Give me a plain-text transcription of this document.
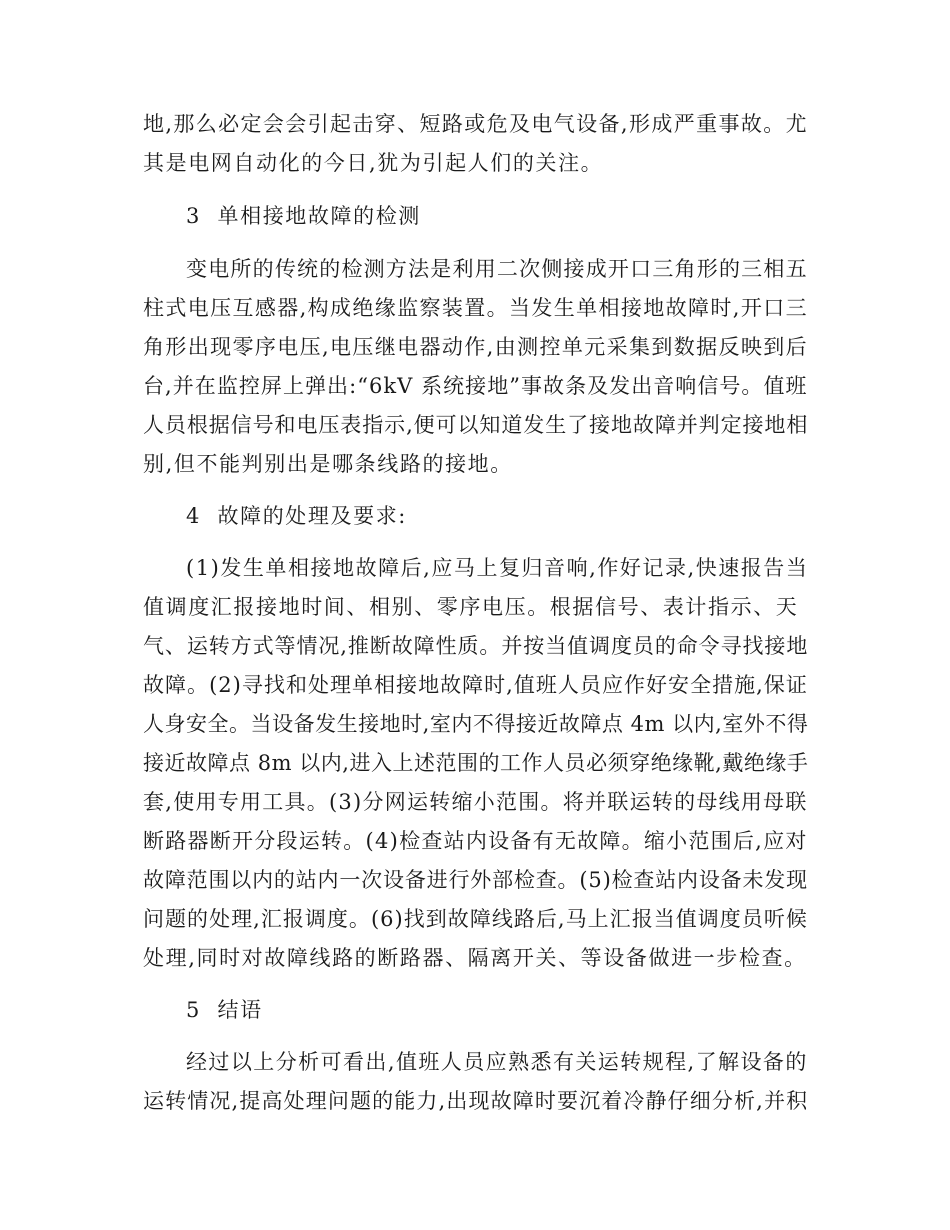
地,那么必定会会引起击穿、短路或危及电气设备,形成严重事故。尤
其是电网自动化的今日,犹为引起人们的关注。
3  单相接地故障的检测
变电所的传统的检测方法是利用二次侧接成开口三角形的三相五
柱式电压互感器,构成绝缘监察装置。当发生单相接地故障时,开口三
角形出现零序电压,电压继电器动作,由测控单元采集到数据反映到后
台,并在监控屏上弹出:“6kV 系统接地”事故条及发出音响信号。值班
人员根据信号和电压表指示,便可以知道发生了接地故障并判定接地相
别,但不能判别出是哪条线路的接地。
4  故障的处理及要求:
(1)发生单相接地故障后,应马上复归音响,作好记录,快速报告当
值调度汇报接地时间、相别、零序电压。根据信号、表计指示、天
气、运转方式等情况,推断故障性质。并按当值调度员的命令寻找接地
故障。(2)寻找和处理单相接地故障时,值班人员应作好安全措施,保证
人身安全。当设备发生接地时,室内不得接近故障点 4m 以内,室外不得
接近故障点 8m 以内,进入上述范围的工作人员必须穿绝缘靴,戴绝缘手
套,使用专用工具。(3)分网运转缩小范围。将并联运转的母线用母联
断路器断开分段运转。(4)检查站内设备有无故障。缩小范围后,应对
故障范围以内的站内一次设备进行外部检查。(5)检查站内设备未发现
问题的处理,汇报调度。(6)找到故障线路后,马上汇报当值调度员听候
处理,同时对故障线路的断路器、隔离开关、等设备做进一步检查。
5  结语
经过以上分析可看出,值班人员应熟悉有关运转规程,了解设备的
运转情况,提高处理问题的能力,出现故障时要沉着冷静仔细分析,并积
